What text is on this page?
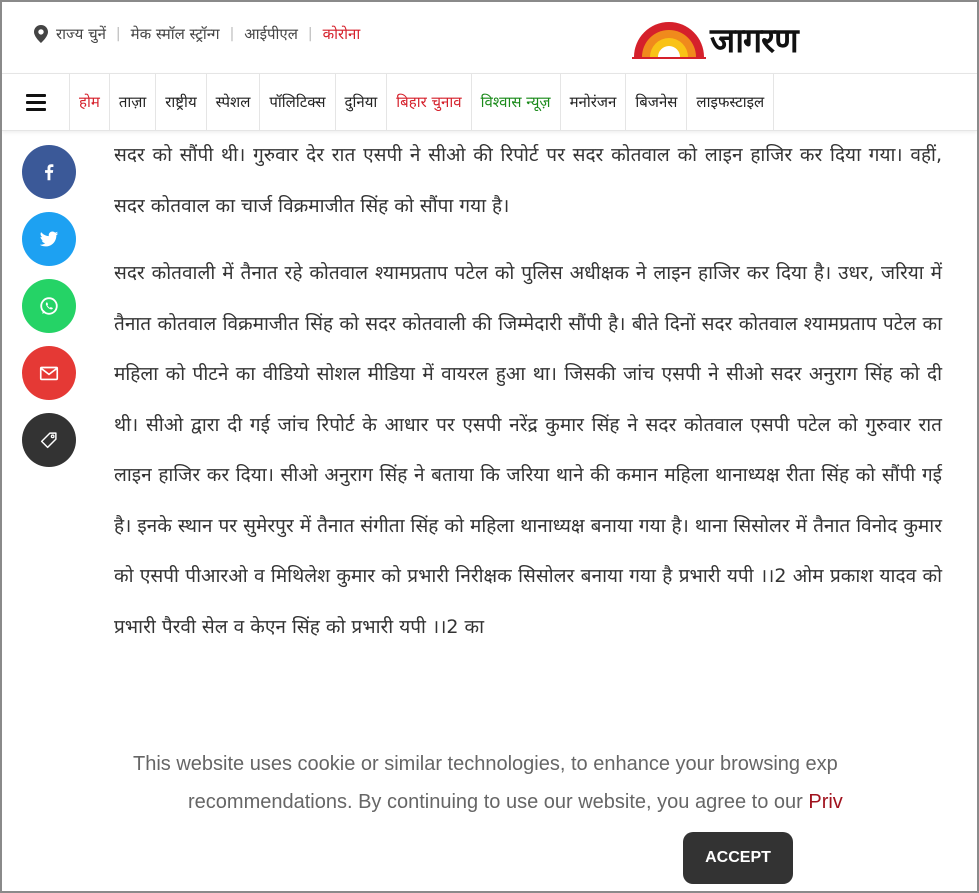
राज्य चुनें | मेक स्मॉल स्ट्रॉन्ग | आईपीएल | कोरोना	जागरण
होम	ताज़ा	राष्ट्रीय	स्पेशल	पॉलिटिक्स	दुनिया	बिहार चुनाव	विश्वास न्यूज़	मनोरंजन	बिजनेस	लाइफस्टाइल

सदर को सौंपी थी। गुरुवार देर रात एसपी ने सीओ की रिपोर्ट पर सदर कोतवाल को लाइन हाजिर कर दिया गया। वहीं, सदर कोतवाल का चार्ज विक्रमाजीत सिंह को सौंपा गया है।

सदर कोतवाली में तैनात रहे कोतवाल श्यामप्रताप पटेल को पुलिस अधीक्षक ने लाइन हाजिर कर दिया है। उधर, जरिया में तैनात कोतवाल विक्रमाजीत सिंह को सदर कोतवाली की जिम्मेदारी सौंपी है। बीते दिनों सदर कोतवाल श्यामप्रताप पटेल का महिला को पीटने का वीडियो सोशल मीडिया में वायरल हुआ था। जिसकी जांच एसपी ने सीओ सदर अनुराग सिंह को दी थी। सीओ द्वारा दी गई जांच रिपोर्ट के आधार पर एसपी नरेंद्र कुमार सिंह ने सदर कोतवाल एसपी पटेल को गुरुवार रात लाइन हाजिर कर दिया। सीओ अनुराग सिंह ने बताया कि जरिया थाने की कमान महिला थानाध्यक्ष रीता सिंह को सौंपी गई है। इनके स्थान पर सुमेरपुर में तैनात संगीता सिंह को महिला थानाध्यक्ष बनाया गया है। थाना सिसोलर में तैनात विनोद कुमार को एसपी पीआरओ व मिथिलेश कुमार को प्रभारी निरीक्षक सिसोलर बनाया गया है प्रभारी यपी ।।2 ओम प्रकाश यादव को प्रभारी पैरवी सेल व केएन सिंह को प्रभारी यपी ।।2 का

This website uses cookie or similar technologies, to enhance your browsing exp
recommendations. By continuing to use our website, you agree to our Priv
ACCEPT
